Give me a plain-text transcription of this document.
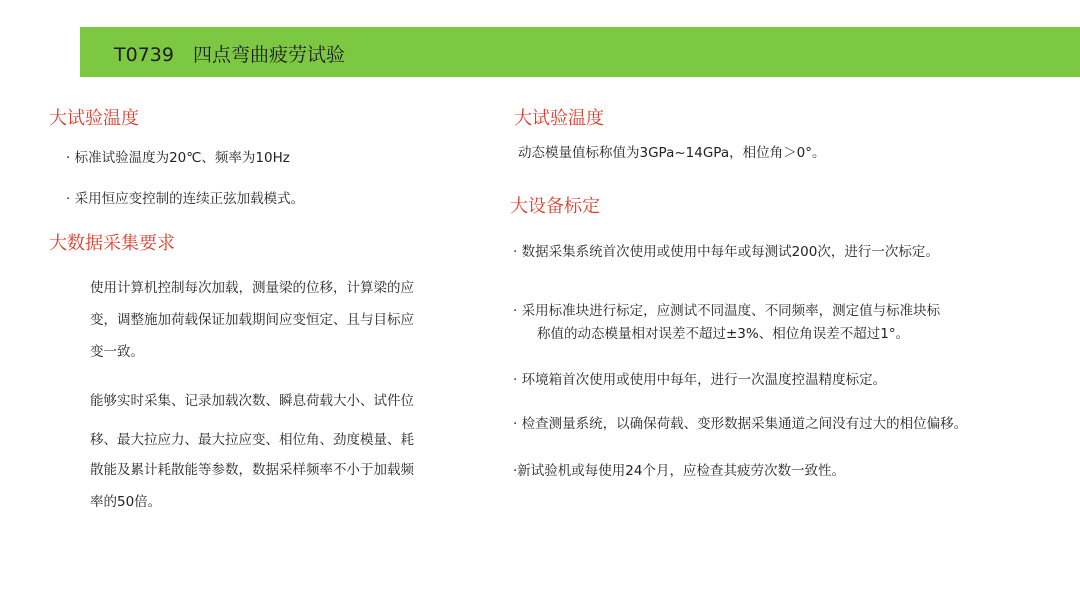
T0739　四点弯曲疲劳试验
大试验温度
· 标准试验温度为20℃、频率为10Hz
· 采用恒应变控制的连续正弦加载模式。
大数据采集要求
使用计算机控制每次加载，测量梁的位移，计算梁的应
变，调整施加荷载保证加载期间应变恒定、且与目标应
变一致。
能够实时采集、记录加载次数、瞬息荷载大小、试件位
移、最大拉应力、最大拉应变、相位角、劲度模量、耗
散能及累计耗散能等参数，数据采样频率不小于加载频
率的50倍。
大试验温度
动态模量值标称值为3GPa~14GPa，相位角＞0°。
大设备标定
· 数据采集系统首次使用或使用中每年或每测试200次，进行一次标定。
· 采用标准块进行标定，应测试不同温度、不同频率，测定值与标准块标
称值的动态模量相对误差不超过±3%、相位角误差不超过1°。
· 环境箱首次使用或使用中每年，进行一次温度控温精度标定。
· 检查测量系统，以确保荷载、变形数据采集通道之间没有过大的相位偏移。
·新试验机或每使用24个月，应检查其疲劳次数一致性。
